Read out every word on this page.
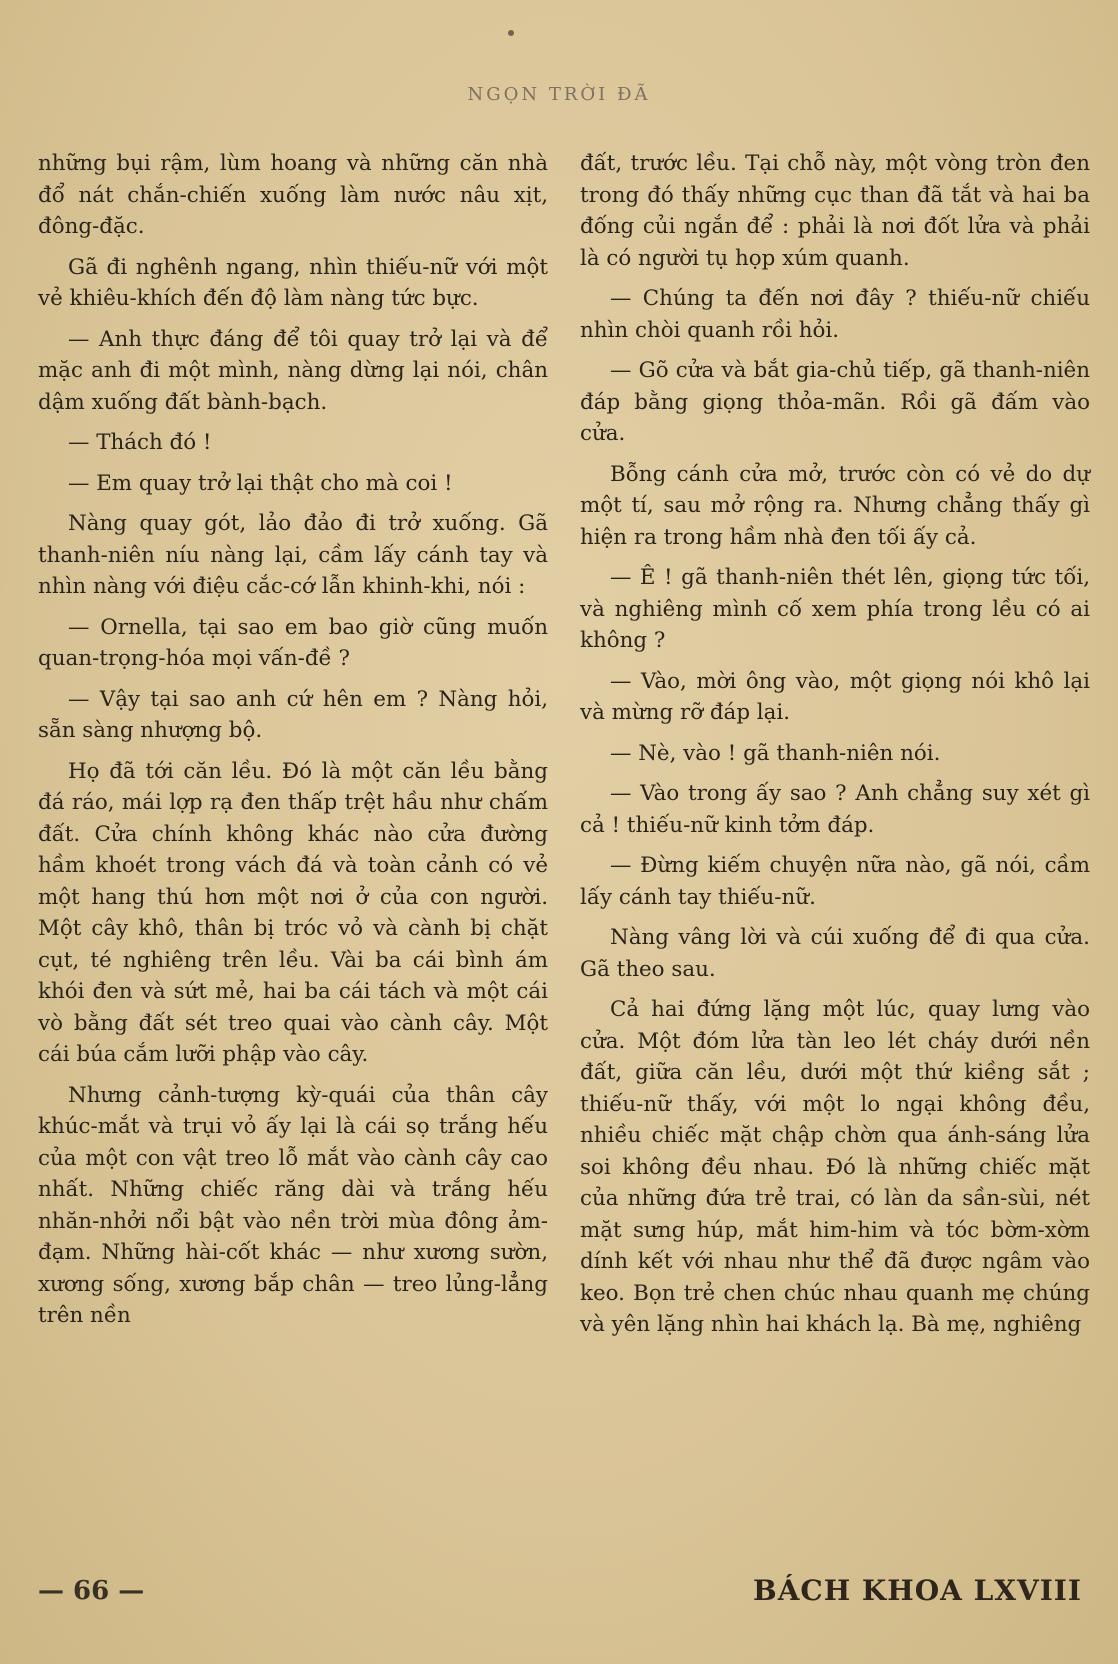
NGỌN TRỜI ĐÃ

những bụi rậm, lùm hoang và những căn nhà đổ nát chắn-chiến xuống làm nước nâu xịt, đông-đặc.

Gã đi nghênh ngang, nhìn thiếu-nữ với một vẻ khiêu-khích đến độ làm nàng tức bực.

— Anh thực đáng để tôi quay trở lại và để mặc anh đi một mình, nàng dừng lại nói, chân dậm xuống đất bành-bạch.

— Thách đó !

— Em quay trở lại thật cho mà coi !

Nàng quay gót, lảo đảo đi trở xuống. Gã thanh-niên níu nàng lại, cầm lấy cánh tay và nhìn nàng với điệu cắc-cớ lẫn khinh-khi, nói :

— Ornella, tại sao em bao giờ cũng muốn quan-trọng-hóa mọi vấn-đề ?

— Vậy tại sao anh cứ hên em ? Nàng hỏi, sẵn sàng nhượng bộ.

Họ đã tới căn lều. Đó là một căn lều bằng đá ráo, mái lợp rạ đen thấp trệt hầu như chấm đất. Cửa chính không khác nào cửa đường hầm khoét trong vách đá và toàn cảnh có vẻ một hang thú hơn một nơi ở của con người. Một cây khô, thân bị tróc vỏ và cành bị chặt cụt, té nghiêng trên lều. Vài ba cái bình ám khói đen và sứt mẻ, hai ba cái tách và một cái vò bằng đất sét treo quai vào cành cây. Một cái búa cắm lưỡi phập vào cây.

Nhưng cảnh-tượng kỳ-quái của thân cây khúc-mắt và trụi vỏ ấy lại là cái sọ trắng hếu của một con vật treo lỗ mắt vào cành cây cao nhất. Những chiếc răng dài và trắng hếu nhăn-nhởi nổi bật vào nền trời mùa đông ảm-đạm. Những hài-cốt khác — như xương sườn, xương sống, xương bắp chân — treo lủng-lẳng trên nền

đất, trước lều. Tại chỗ này, một vòng tròn đen trong đó thấy những cục than đã tắt và hai ba đống củi ngắn để : phải là nơi đốt lửa và phải là có người tụ họp xúm quanh.

— Chúng ta đến nơi đây ? thiếu-nữ chiếu nhìn chòi quanh rồi hỏi.

— Gõ cửa và bắt gia-chủ tiếp, gã thanh-niên đáp bằng giọng thỏa-mãn. Rồi gã đấm vào cửa.

Bỗng cánh cửa mở, trước còn có vẻ do dự một tí, sau mở rộng ra. Nhưng chẳng thấy gì hiện ra trong hầm nhà đen tối ấy cả.

— Ê ! gã thanh-niên thét lên, giọng tức tối, và nghiêng mình cố xem phía trong lều có ai không ?

— Vào, mời ông vào, một giọng nói khô lại và mừng rỡ đáp lại.

— Nè, vào ! gã thanh-niên nói.

— Vào trong ấy sao ? Anh chẳng suy xét gì cả ! thiếu-nữ kinh tởm đáp.

— Đừng kiếm chuyện nữa nào, gã nói, cầm lấy cánh tay thiếu-nữ.

Nàng vâng lời và cúi xuống để đi qua cửa. Gã theo sau.

Cả hai đứng lặng một lúc, quay lưng vào cửa. Một đóm lửa tàn leo lét cháy dưới nền đất, giữa căn lều, dưới một thứ kiềng sắt ; thiếu-nữ thấy, với một lo ngại không đều, nhiều chiếc mặt chập chờn qua ánh-sáng lửa soi không đều nhau. Đó là những chiếc mặt của những đứa trẻ trai, có làn da sần-sùi, nét mặt sưng húp, mắt him-him và tóc bờm-xờm dính kết với nhau như thể đã được ngâm vào keo. Bọn trẻ chen chúc nhau quanh mẹ chúng và yên lặng nhìn hai khách lạ. Bà mẹ, nghiêng

— 66 —	BÁCH KHOA LXVIII
